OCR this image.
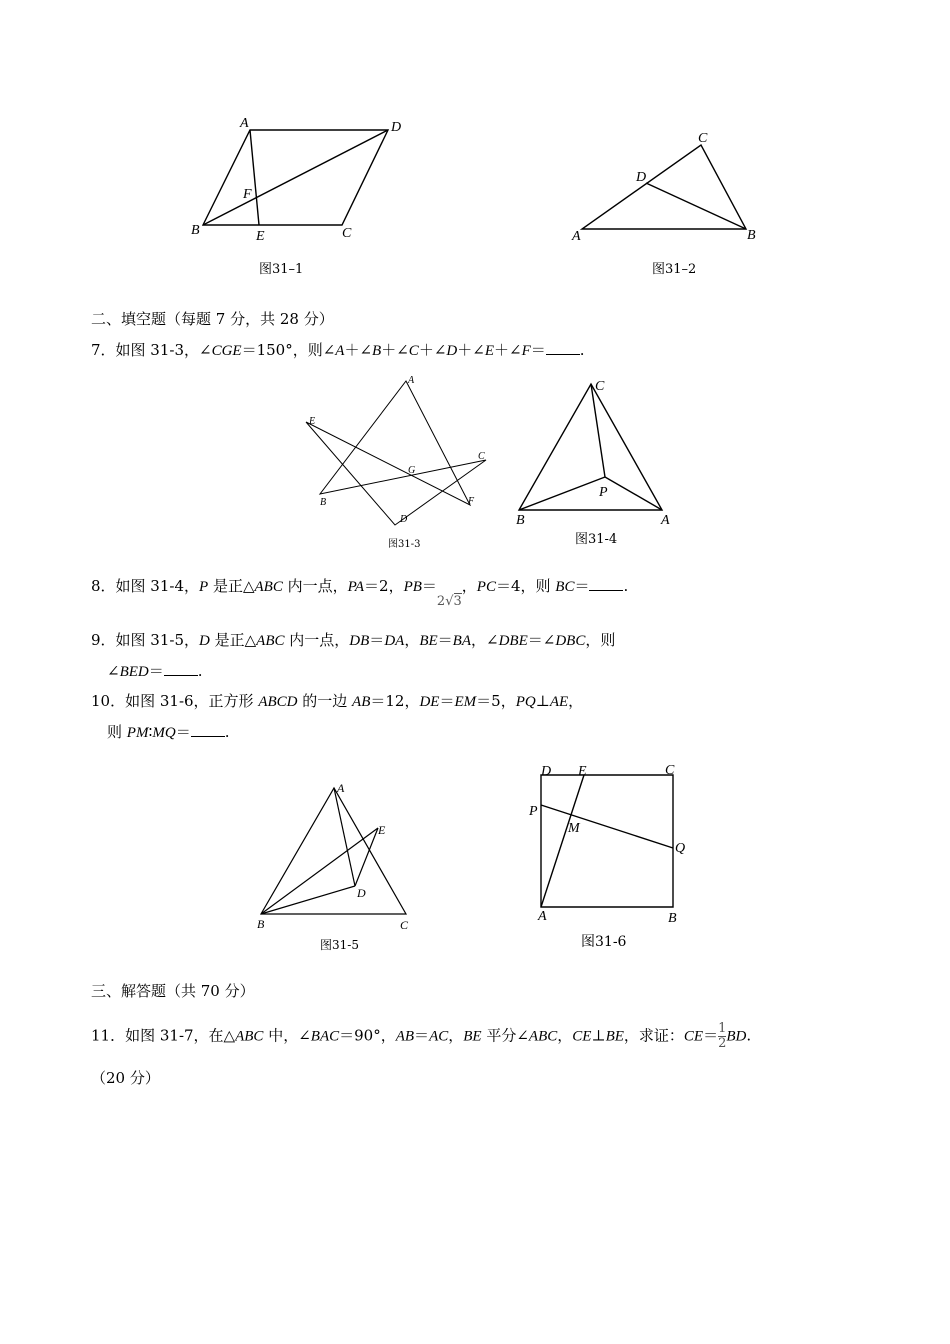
A	D
B	E	C
F
C
D
A	B
A
E
C
G
B	F
D
C
P
B	A
A
E
D
B	C
D E	C
P
M
Q
A	B
图31–1	图31–2
图31-3	图31-4
图31-5	图31-6
二、填空题（每题 7 分，共 28 分）
7．如图 31-3，∠CGE＝150°，则∠A＋∠B＋∠C＋∠D＋∠E＋∠F＝ .
8．如图 31-4，P 是正△ABC 内一点，PA＝2，PB＝2√3，PC＝4，则 BC＝ .
9．如图 31-5，D 是正△ABC 内一点，DB＝DA，BE＝BA，∠DBE＝∠DBC，则
∠BED＝ .
10．如图 31-6，正方形 ABCD 的一边 AB＝12，DE＝EM＝5，PQ⊥AE，
则 PM∶MQ＝ .
三、解答题（共 70 分）
11．如图 31-7，在△ABC 中，∠BAC＝90°，AB＝AC，BE 平分∠ABC，CE⊥BE，求证：$CE= \frac{1}{2}$ BD.
（20 分）
